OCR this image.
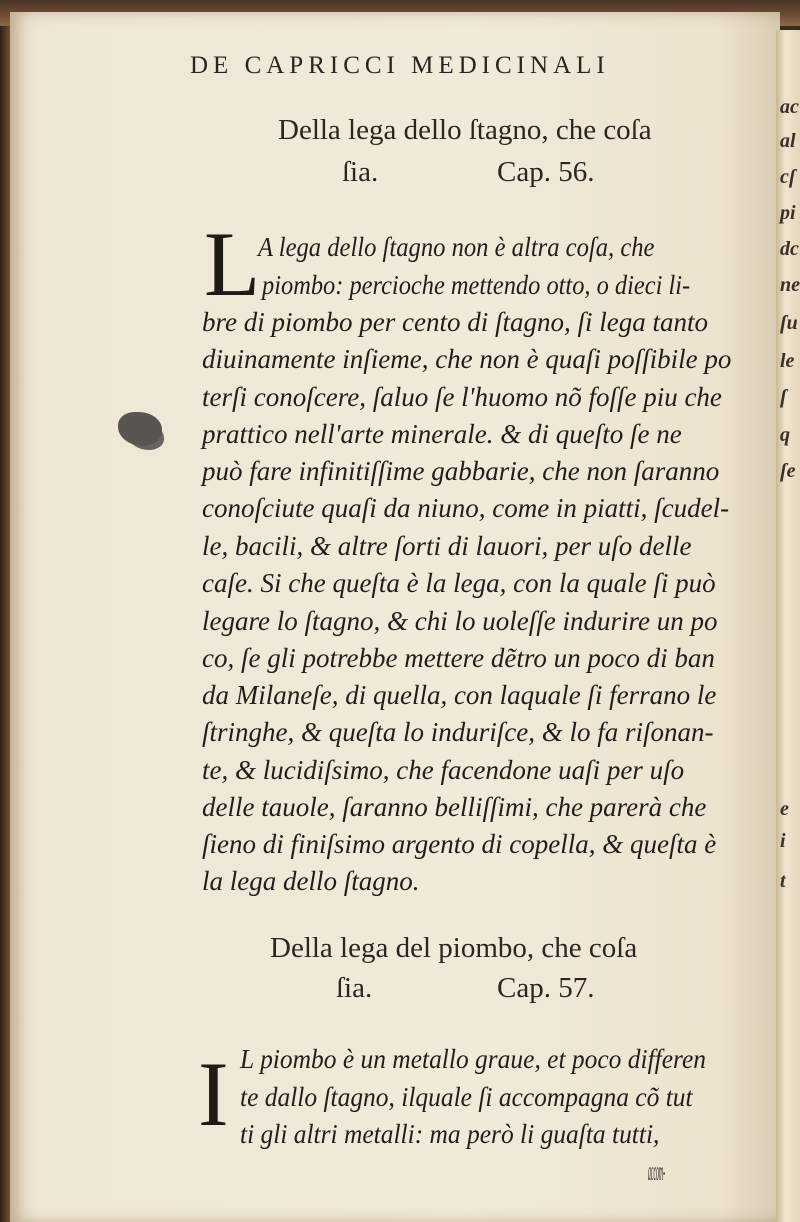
ac
al
cſ
pi
dc
ne
ſu
le
ſ
q
ſe
e
i
t
DE CAPRICCI MEDICINALI
Della lega dello ſtagno, che coſa
ſia.	Cap. 56.
L
A lega dello ſtagno non è altra coſa, che
piombo: percioche mettendo otto, o dieci li-
bre di piombo per cento di ſtagno, ſi lega tanto
diuinamente inſieme, che non è quaſi poſſibile po
terſi conoſcere, ſaluo ſe l'huomo nõ foſſe piu che
prattico nell'arte minerale. & di queſto ſe ne
può fare infinitiſſime gabbarie, che non ſaranno
conoſciute quaſi da niuno, come in piatti, ſcudel-
le, bacili, & altre ſorti di lauori, per uſo delle
caſe. Si che queſta è la lega, con la quale ſi può
legare lo ſtagno, & chi lo uoleſſe indurire un po
co, ſe gli potrebbe mettere dẽtro un poco di ban
da Milaneſe, di quella, con laquale ſi ferrano le
ſtringhe, & queſta lo induriſce, & lo fa riſonan-
te, & lucidiſsimo, che facendone uaſi per uſo
delle tauole, ſaranno belliſſimi, che parerà che
ſieno di finiſsimo argento di copella, & queſta è
la lega dello ſtagno.
Della lega del piombo, che coſa
ſia.	Cap. 57.
I L piombo è un metallo graue, et poco differen
te dallo ſtagno, ilquale ſi accompagna cõ tut
ti gli altri metalli: ma però li guaſta tutti,
accom-
